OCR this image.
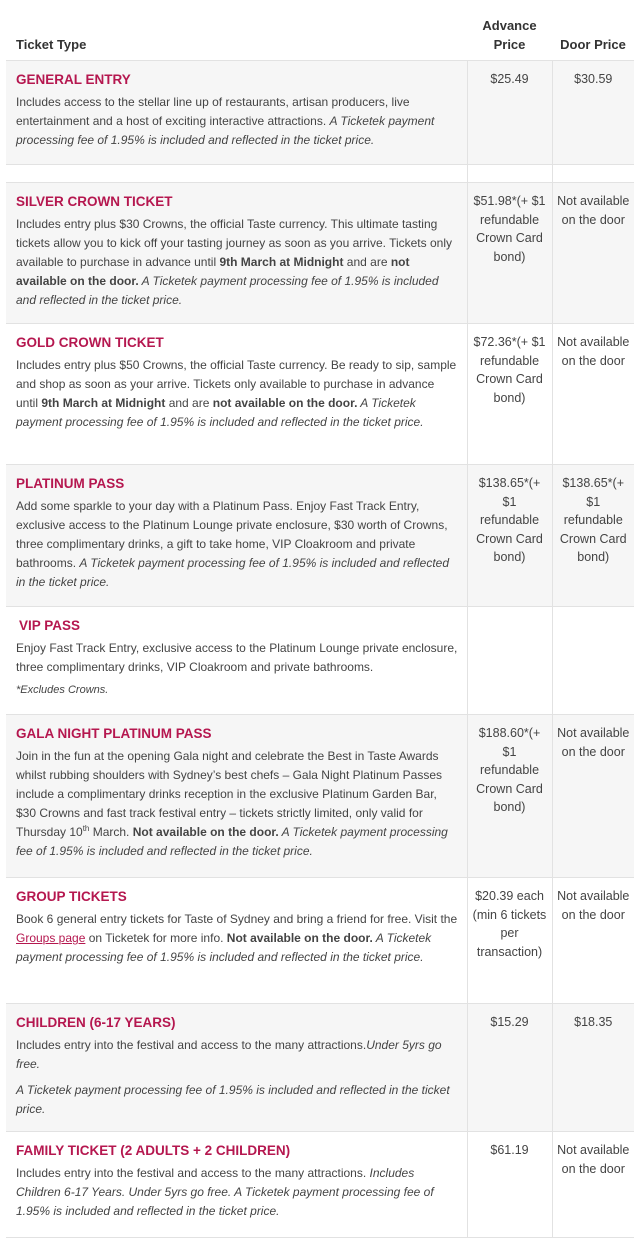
Ticket Type	Advance Price	Door Price

GENERAL ENTRY
Includes access to the stellar line up of restaurants, artisan producers, live entertainment and a host of exciting interactive attractions. A Ticketek payment processing fee of 1.95% is included and reflected in the ticket price.	$25.49	$30.59

SILVER CROWN TICKET
Includes entry plus $30 Crowns, the official Taste currency. This ultimate tasting tickets allow you to kick off your tasting journey as soon as you arrive. Tickets only available to purchase in advance until 9th March at Midnight and are not available on the door. A Ticketek payment processing fee of 1.95% is included and reflected in the ticket price.	$51.98*(+ $1 refundable Crown Card bond)	Not available on the door

GOLD CROWN TICKET
Includes entry plus $50 Crowns, the official Taste currency. Be ready to sip, sample and shop as soon as your arrive. Tickets only available to purchase in advance until 9th March at Midnight and are not available on the door. A Ticketek payment processing fee of 1.95% is included and reflected in the ticket price.	$72.36*(+ $1 refundable Crown Card bond)	Not available on the door

PLATINUM PASS
Add some sparkle to your day with a Platinum Pass. Enjoy Fast Track Entry, exclusive access to the Platinum Lounge private enclosure, $30 worth of Crowns, three complimentary drinks, a gift to take home, VIP Cloakroom and private bathrooms. A Ticketek payment processing fee of 1.95% is included and reflected in the ticket price.	$138.65*(+ $1 refundable Crown Card bond)	$138.65*(+ $1 refundable Crown Card bond)

VIP PASS
Enjoy Fast Track Entry, exclusive access to the Platinum Lounge private enclosure, three complimentary drinks, VIP Cloakroom and private bathrooms.
*Excludes Crowns.		

GALA NIGHT PLATINUM PASS
Join in the fun at the opening Gala night and celebrate the Best in Taste Awards whilst rubbing shoulders with Sydney’s best chefs – Gala Night Platinum Passes include a complimentary drinks reception in the exclusive Platinum Garden Bar, $30 Crowns and fast track festival entry – tickets strictly limited, only valid for Thursday 10th March. Not available on the door. A Ticketek payment processing fee of 1.95% is included and reflected in the ticket price.	$188.60*(+ $1 refundable Crown Card bond)	Not available on the door

GROUP TICKETS
Book 6 general entry tickets for Taste of Sydney and bring a friend for free. Visit the Groups page on Ticketek for more info. Not available on the door. A Ticketek payment processing fee of 1.95% is included and reflected in the ticket price.	$20.39 each (min 6 tickets per transaction)	Not available on the door

CHILDREN (6-17 YEARS)
Includes entry into the festival and access to the many attractions.Under 5yrs go free.
A Ticketek payment processing fee of 1.95% is included and reflected in the ticket price.	$15.29	$18.35

FAMILY TICKET (2 ADULTS + 2 CHILDREN)
Includes entry into the festival and access to the many attractions. Includes Children 6-17 Years. Under 5yrs go free. A Ticketek payment processing fee of 1.95% is included and reflected in the ticket price.	$61.19	Not available on the door
